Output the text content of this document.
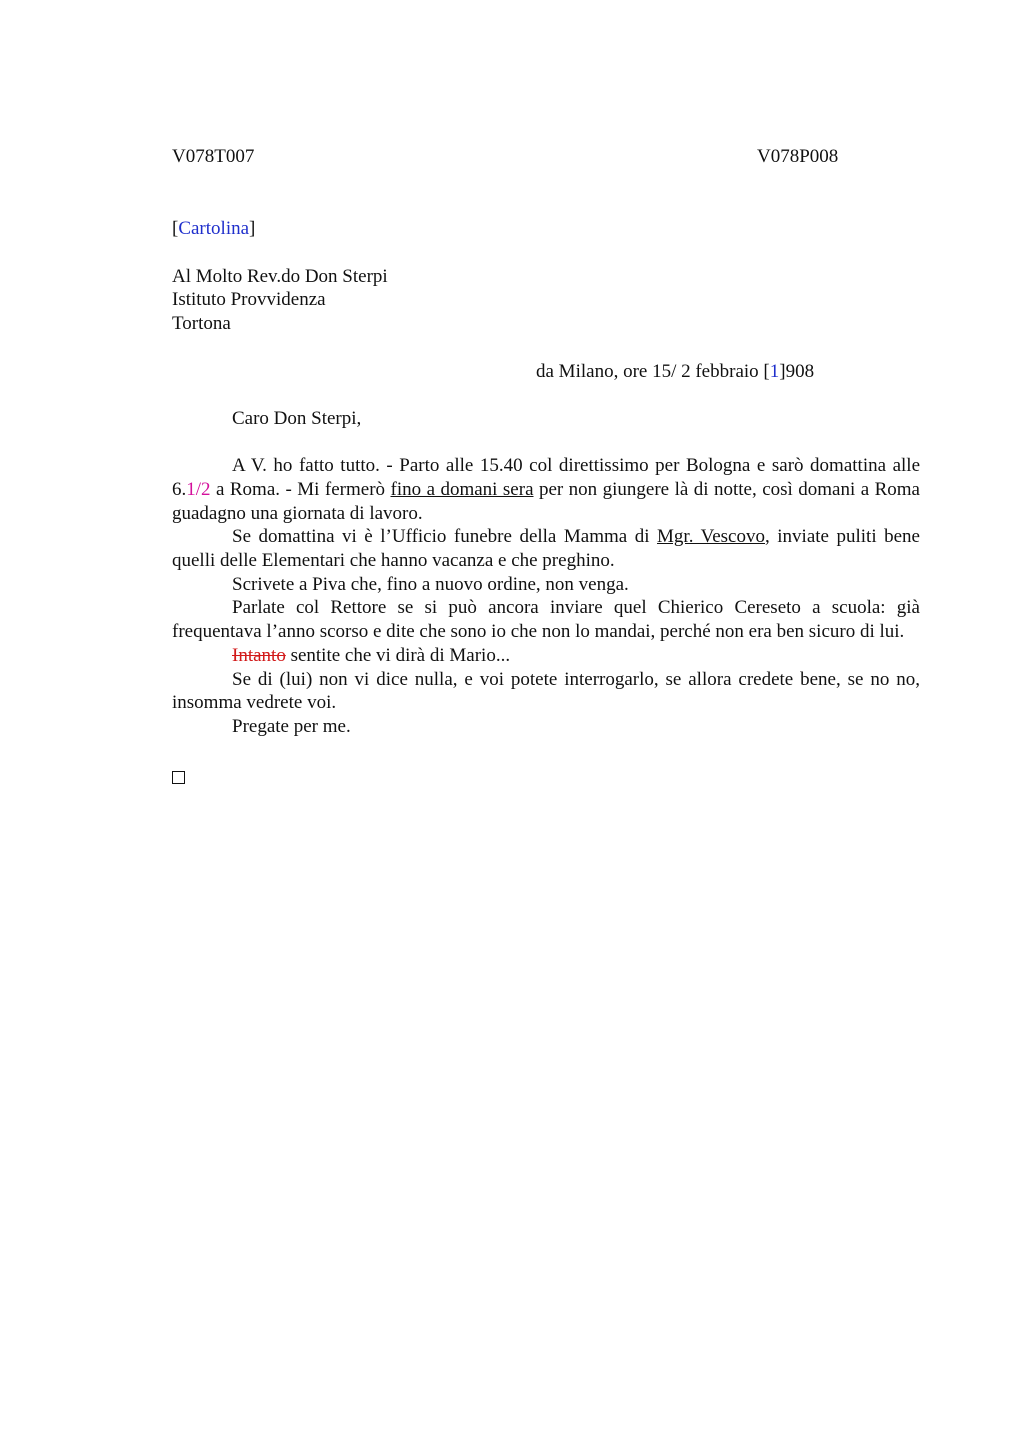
V078T007	V078P008
[Cartolina]
Al Molto Rev.do Don Sterpi
Istituto Provvidenza
Tortona
da Milano, ore 15/ 2 febbraio [1]908
Caro Don Sterpi,

A V. ho fatto tutto. - Parto alle 15.40 col direttissimo per Bologna e sarò domattina alle 6.1/2 a Roma. - Mi fermerò fino a domani sera per non giungere là di notte, così domani a Roma guadagno una giornata di lavoro.

Se domattina vi è l’Ufficio funebre della Mamma di Mgr. Vescovo, inviate puliti bene quelli delle Elementari che hanno vacanza e che preghino.

Scrivete a Piva che, fino a nuovo ordine, non venga.

Parlate col Rettore se si può ancora inviare quel Chierico Cereseto a scuola: già frequentava l’anno scorso e dite che sono io che non lo mandai, perché non era ben sicuro di lui.

Intanto sentite che vi dirà di Mario...

Se di (lui) non vi dice nulla, e voi potete interrogarlo, se allora credete bene, se no no, insomma vedrete voi.

Pregate per me.
